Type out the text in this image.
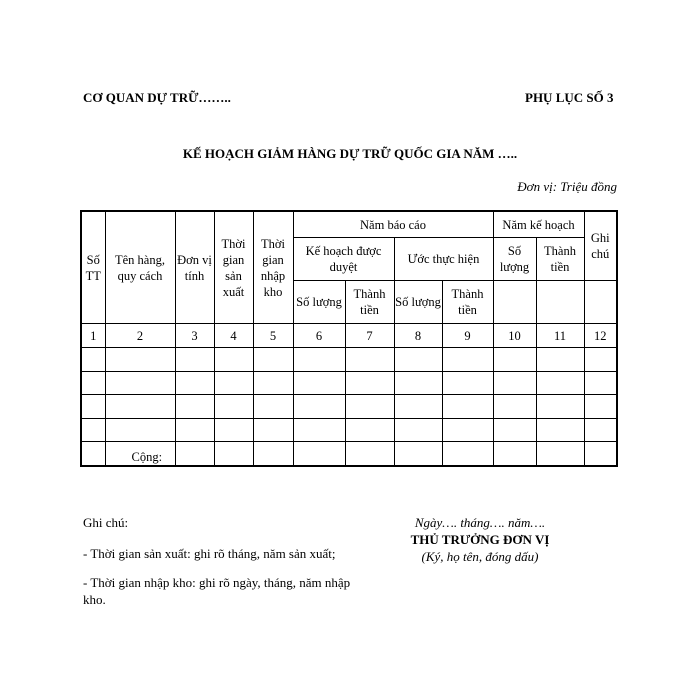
CƠ QUAN DỰ TRỮ……..	PHỤ LỤC SỐ 3
KẾ HOẠCH GIẢM HÀNG DỰ TRỮ QUỐC GIA NĂM …..
Đơn vị: Triệu đồng
Số TT	Tên hàng, quy cách	Đơn vị tính	Thời gian sản xuất	Thời gian nhập kho	Năm báo cáo				Năm kế hoạch		Ghi chú
					Kế hoạch được duyệt		Ước thực hiện		Số lượng	Thành tiền	
					Số lượng	Thành tiền	Số lượng	Thành tiền			
1	2	3	4	5	6	7	8	9	10	11	12

	Cộng:										

Ghi chú:

- Thời gian sản xuất: ghi rõ tháng, năm sản xuất;

- Thời gian nhập kho: ghi rõ ngày, tháng, năm nhập kho.

Ngày…. tháng…. năm….
THỦ TRƯỞNG ĐƠN VỊ
(Ký, họ tên, đóng dấu)
